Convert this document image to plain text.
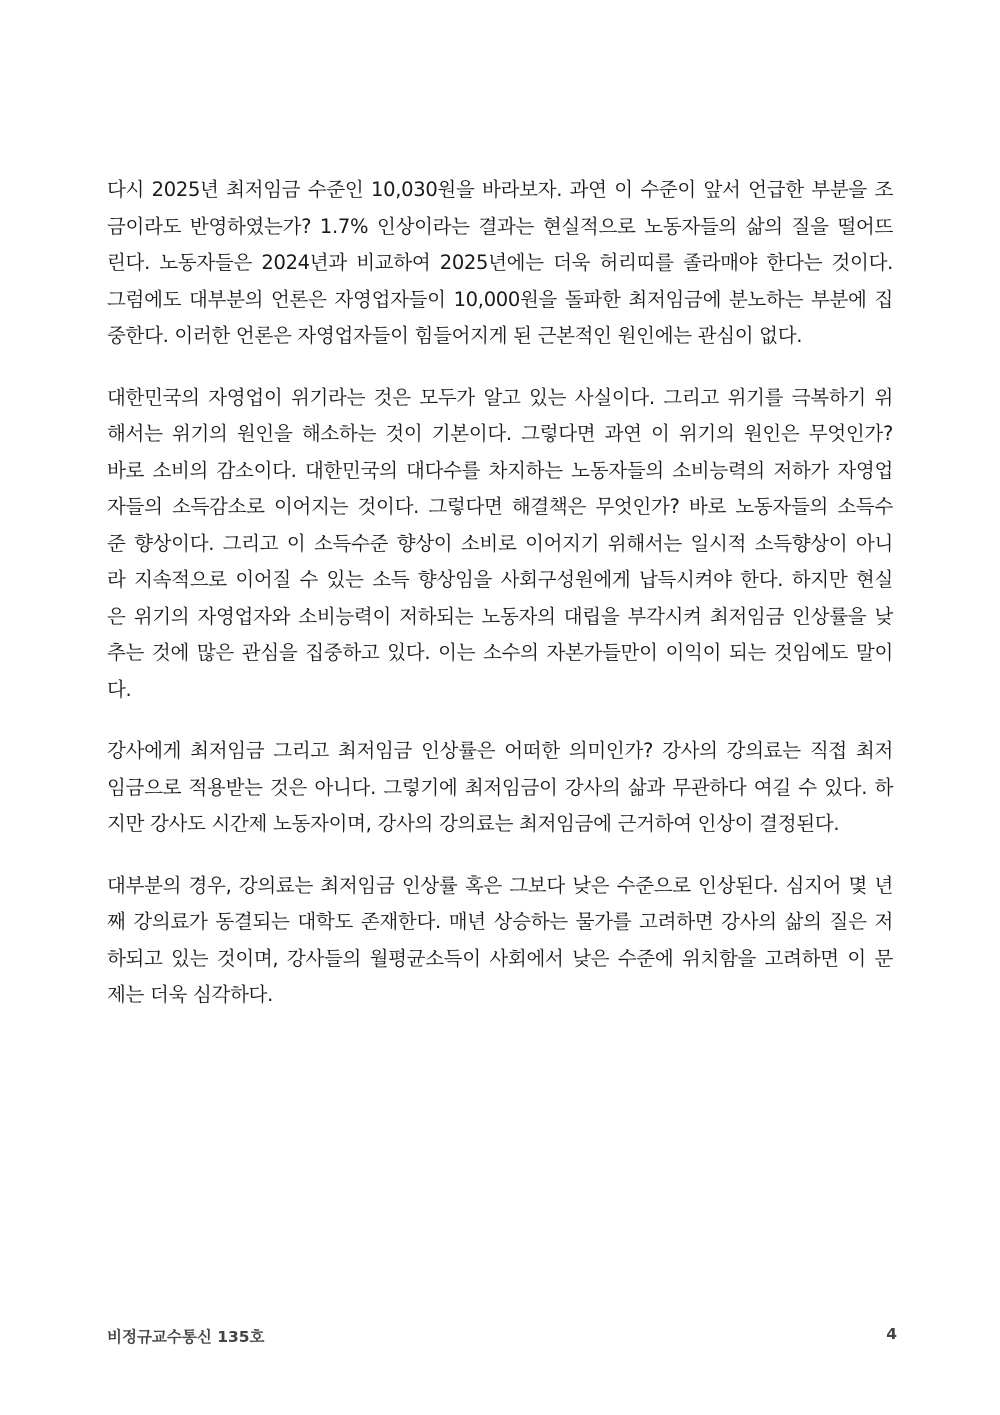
다시 2025년 최저임금 수준인 10,030원을 바라보자. 과연 이 수준이 앞서 언급한 부분을 조
금이라도 반영하였는가? 1.7% 인상이라는 결과는 현실적으로 노동자들의 삶의 질을 떨어뜨
린다. 노동자들은 2024년과 비교하여 2025년에는 더욱 허리띠를 졸라매야 한다는 것이다.
그럼에도 대부분의 언론은 자영업자들이 10,000원을 돌파한 최저임금에 분노하는 부분에 집
중한다. 이러한 언론은 자영업자들이 힘들어지게 된 근본적인 원인에는 관심이 없다.
대한민국의 자영업이 위기라는 것은 모두가 알고 있는 사실이다. 그리고 위기를 극복하기 위
해서는 위기의 원인을 해소하는 것이 기본이다. 그렇다면 과연 이 위기의 원인은 무엇인가?
바로 소비의 감소이다. 대한민국의 대다수를 차지하는 노동자들의 소비능력의 저하가 자영업
자들의 소득감소로 이어지는 것이다. 그렇다면 해결책은 무엇인가? 바로 노동자들의 소득수
준 향상이다. 그리고 이 소득수준 향상이 소비로 이어지기 위해서는 일시적 소득향상이 아니
라 지속적으로 이어질 수 있는 소득 향상임을 사회구성원에게 납득시켜야 한다. 하지만 현실
은 위기의 자영업자와 소비능력이 저하되는 노동자의 대립을 부각시켜 최저임금 인상률을 낮
추는 것에 많은 관심을 집중하고 있다. 이는 소수의 자본가들만이 이익이 되는 것임에도 말이
다.
강사에게 최저임금 그리고 최저임금 인상률은 어떠한 의미인가? 강사의 강의료는 직접 최저
임금으로 적용받는 것은 아니다. 그렇기에 최저임금이 강사의 삶과 무관하다 여길 수 있다. 하
지만 강사도 시간제 노동자이며, 강사의 강의료는 최저임금에 근거하여 인상이 결정된다.
대부분의 경우, 강의료는 최저임금 인상률 혹은 그보다 낮은 수준으로 인상된다. 심지어 몇 년
째 강의료가 동결되는 대학도 존재한다. 매년 상승하는 물가를 고려하면 강사의 삶의 질은 저
하되고 있는 것이며, 강사들의 월평균소득이 사회에서 낮은 수준에 위치함을 고려하면 이 문
제는 더욱 심각하다.
비정규교수통신 135호	4
